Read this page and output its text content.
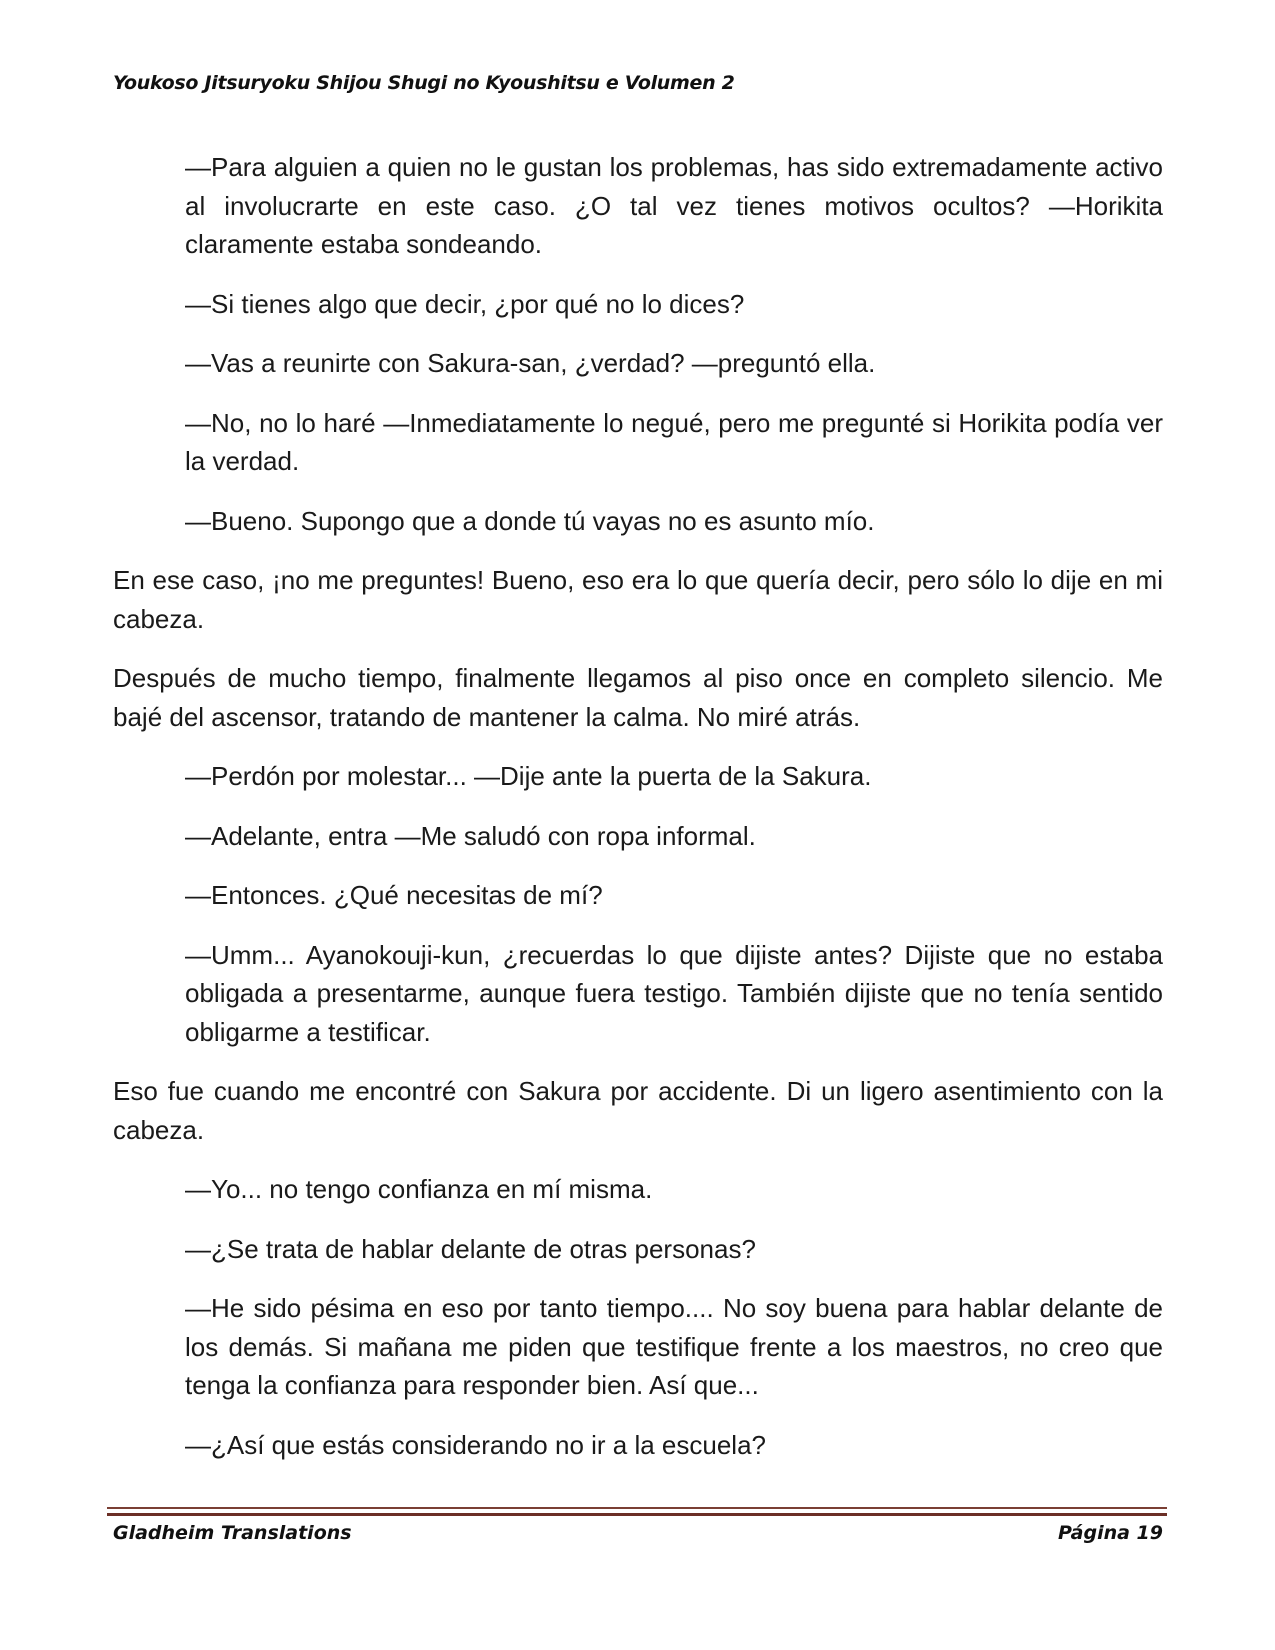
Youkoso Jitsuryoku Shijou Shugi no Kyoushitsu e Volumen 2

—Para alguien a quien no le gustan los problemas, has sido extremadamente activo al involucrarte en este caso. ¿O tal vez tienes motivos ocultos? —Horikita claramente estaba sondeando.

—Si tienes algo que decir, ¿por qué no lo dices?

—Vas a reunirte con Sakura-san, ¿verdad? —preguntó ella.

—No, no lo haré —Inmediatamente lo negué, pero me pregunté si Horikita podía ver la verdad.

—Bueno. Supongo que a donde tú vayas no es asunto mío.

En ese caso, ¡no me preguntes! Bueno, eso era lo que quería decir, pero sólo lo dije en mi cabeza.

Después de mucho tiempo, finalmente llegamos al piso once en completo silencio. Me bajé del ascensor, tratando de mantener la calma. No miré atrás.

—Perdón por molestar... —Dije ante la puerta de la Sakura.

—Adelante, entra —Me saludó con ropa informal.

—Entonces. ¿Qué necesitas de mí?

—Umm... Ayanokouji-kun, ¿recuerdas lo que dijiste antes? Dijiste que no estaba obligada a presentarme, aunque fuera testigo. También dijiste que no tenía sentido obligarme a testificar.

Eso fue cuando me encontré con Sakura por accidente. Di un ligero asentimiento con la cabeza.

—Yo... no tengo confianza en mí misma.

—¿Se trata de hablar delante de otras personas?

—He sido pésima en eso por tanto tiempo.... No soy buena para hablar delante de los demás. Si mañana me piden que testifique frente a los maestros, no creo que tenga la confianza para responder bien. Así que...

—¿Así que estás considerando no ir a la escuela?

Gladheim Translations	Página 19
